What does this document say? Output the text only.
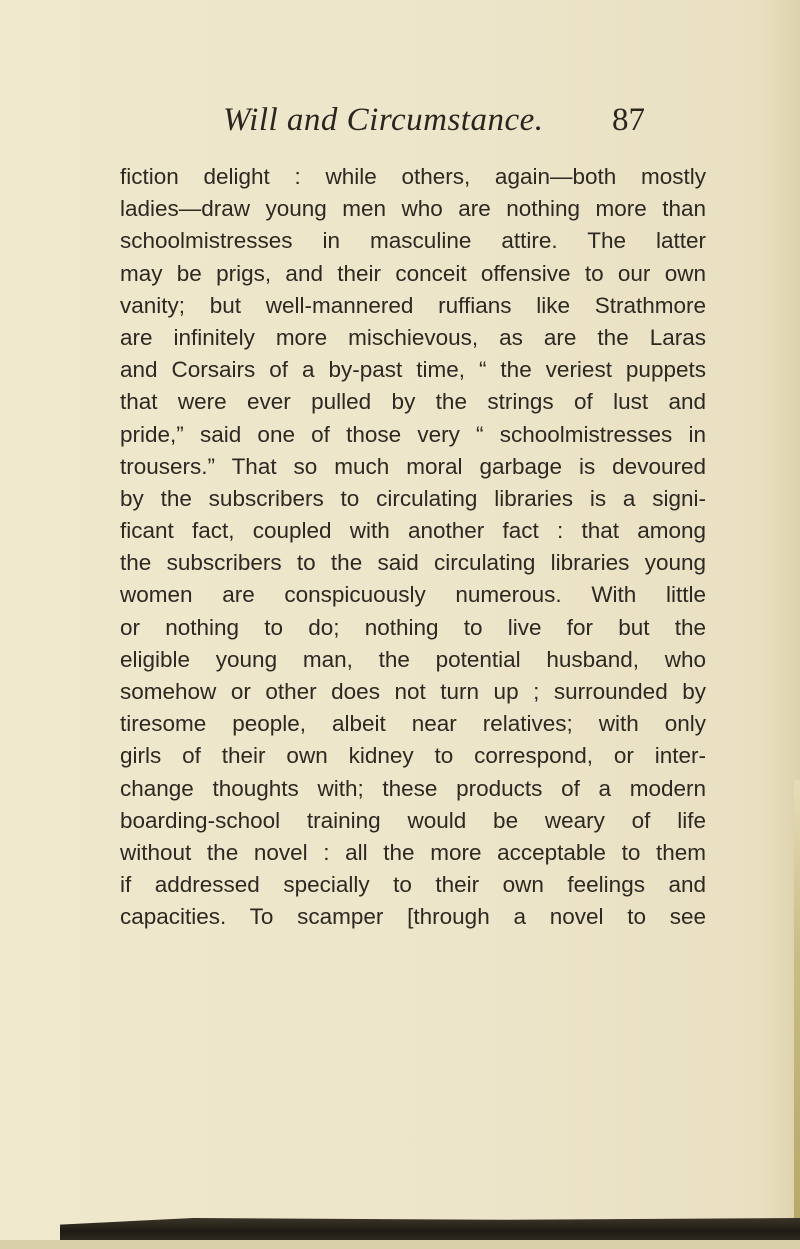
Will and Circumstance. 87
fiction delight : while others, again—both mostly
ladies—draw young men who are nothing more than
schoolmistresses in masculine attire. The latter
may be prigs, and their conceit offensive to our own
vanity; but well-mannered ruffians like Strathmore
are infinitely more mischievous, as are the Laras
and Corsairs of a by-past time, “ the veriest puppets
that were ever pulled by the strings of lust and
pride,” said one of those very “ schoolmistresses in
trousers.” That so much moral garbage is devoured
by the subscribers to circulating libraries is a signi-
ficant fact, coupled with another fact : that among
the subscribers to the said circulating libraries young
women are conspicuously numerous. With little
or nothing to do; nothing to live for but the
eligible young man, the potential husband, who
somehow or other does not turn up ; surrounded by
tiresome people, albeit near relatives; with only
girls of their own kidney to correspond, or inter-
change thoughts with; these products of a modern
boarding-school training would be weary of life
without the novel : all the more acceptable to them
if addressed specially to their own feelings and
capacities. To scamper [through a novel to see
